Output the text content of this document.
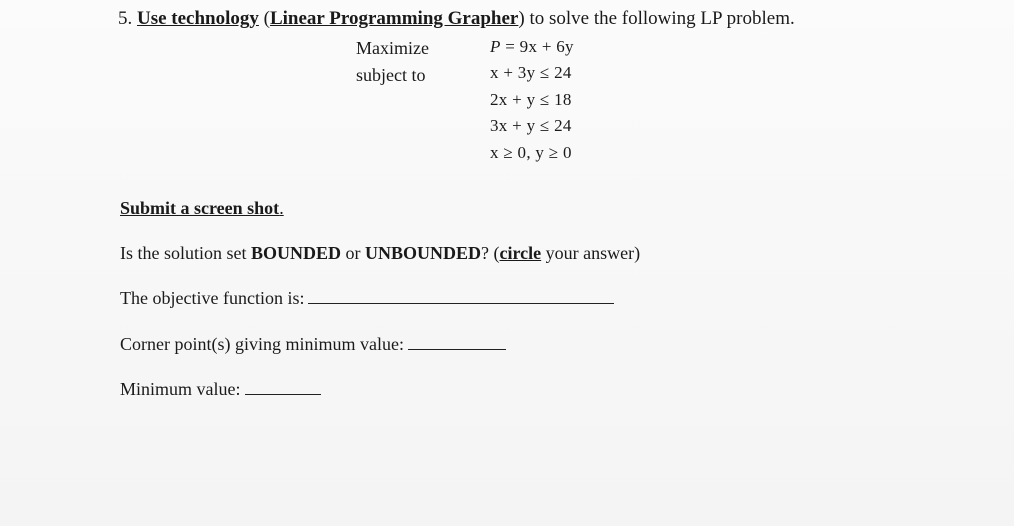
5. Use technology (Linear Programming Grapher) to solve the following LP problem.
Maximize	P = 9x + 6y
subject to	x + 3y ≤ 24
2x + y ≤ 18
3x + y ≤ 24
x ≥ 0, y ≥ 0
Submit a screen shot.
Is the solution set BOUNDED or UNBOUNDED? (circle your answer)
The objective function is:
Corner point(s) giving minimum value:
Minimum value:
